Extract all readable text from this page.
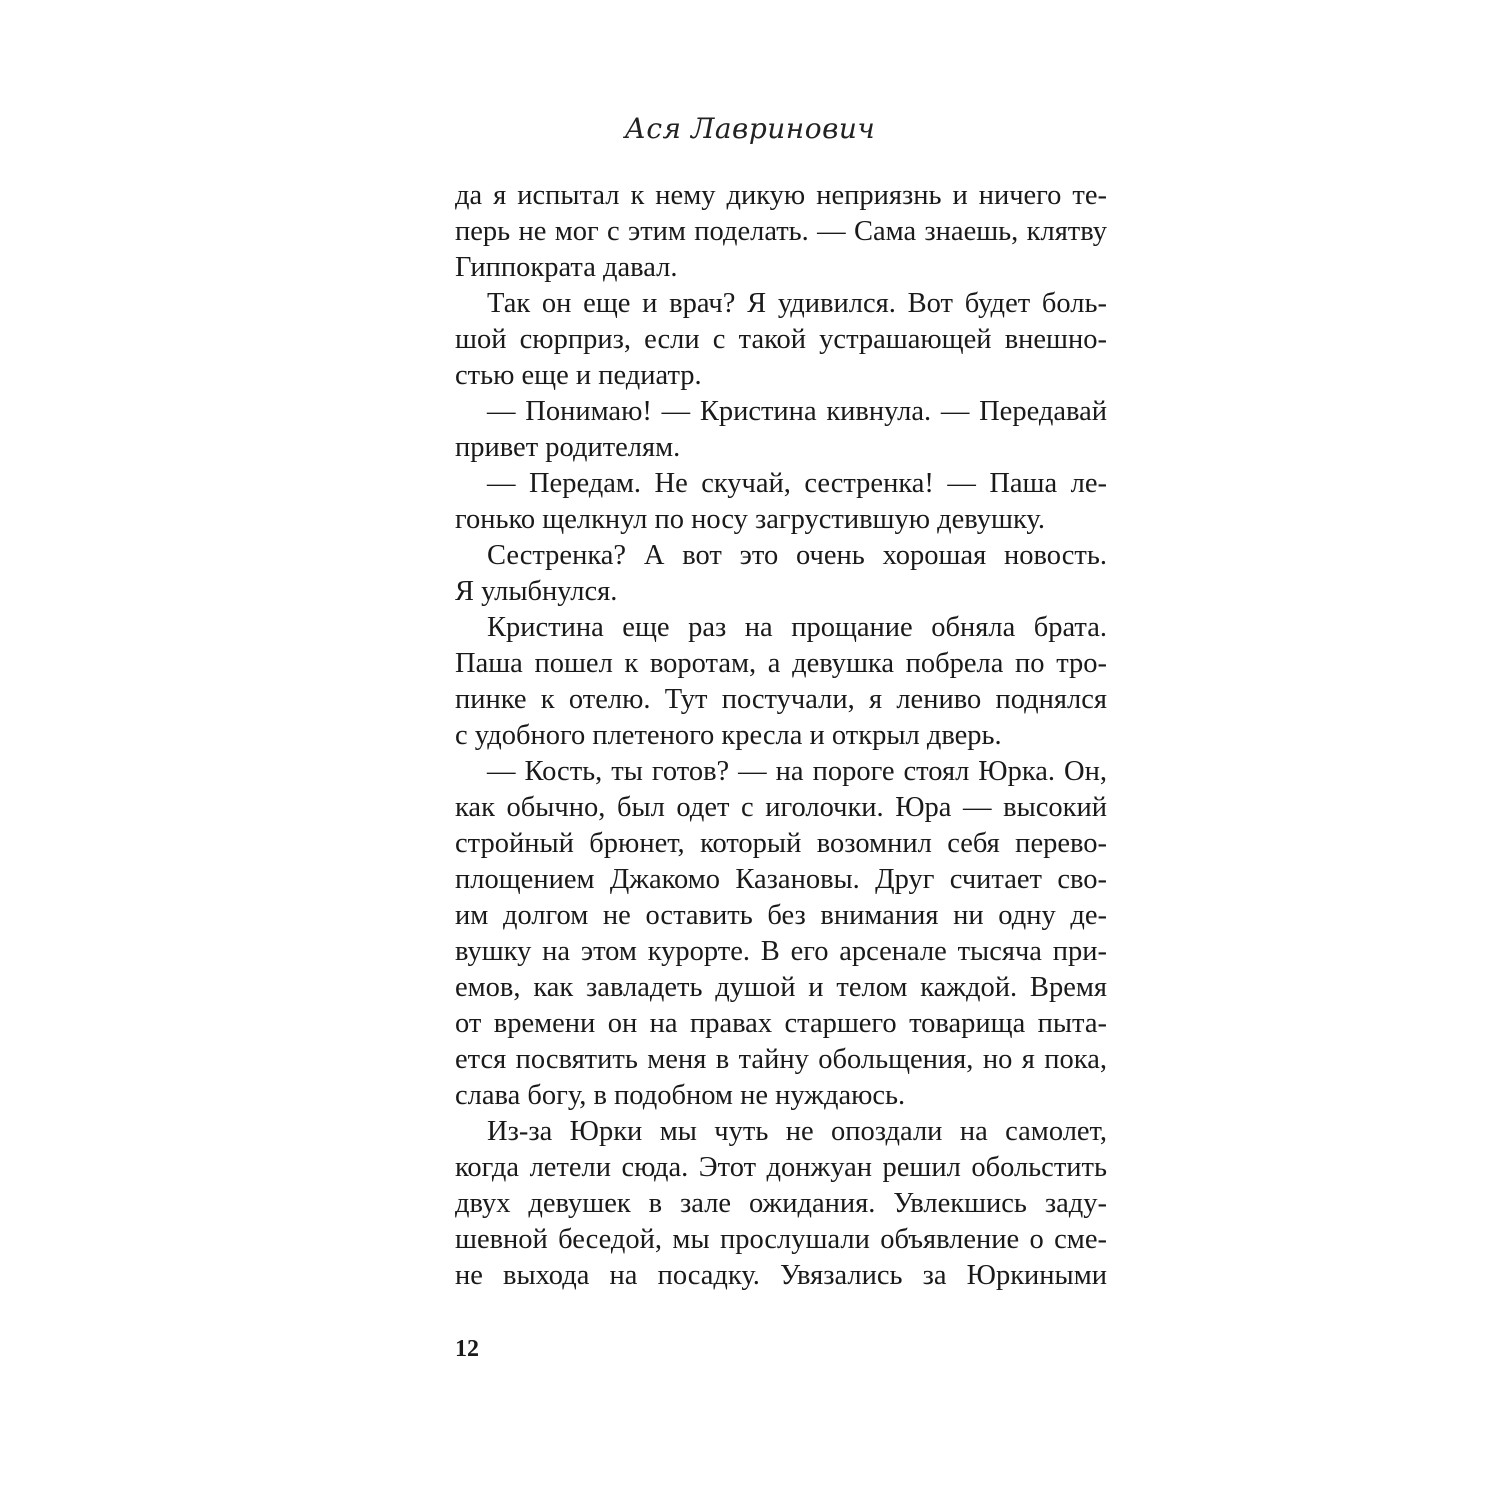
Ася Лавринович
да я испытал к нему дикую неприязнь и ничего те-
перь не мог с этим поделать. — Сама знаешь, клятву
Гиппократа давал.
Так он еще и врач? Я удивился. Вот будет боль-
шой сюрприз, если с такой устрашающей внешно-
стью еще и педиатр.
— Понимаю! — Кристина кивнула. — Передавай
привет родителям.
— Передам. Не скучай, сестренка! — Паша ле-
гонько щелкнул по носу загрустившую девушку.
Сестренка? А вот это очень хорошая новость.
Я улыбнулся.
Кристина еще раз на прощание обняла брата.
Паша пошел к воротам, а девушка побрела по тро-
пинке к отелю. Тут постучали, я лениво поднялся
с удобного плетеного кресла и открыл дверь.
— Кость, ты готов? — на пороге стоял Юрка. Он,
как обычно, был одет с иголочки. Юра — высокий
стройный брюнет, который возомнил себя перево-
площением Джакомо Казановы. Друг считает сво-
им долгом не оставить без внимания ни одну де-
вушку на этом курорте. В его арсенале тысяча при-
емов, как завладеть душой и телом каждой. Время
от времени он на правах старшего товарища пыта-
ется посвятить меня в тайну обольщения, но я пока,
слава богу, в подобном не нуждаюсь.
Из-за Юрки мы чуть не опоздали на самолет,
когда летели сюда. Этот донжуан решил обольстить
двух девушек в зале ожидания. Увлекшись заду-
шевной беседой, мы прослушали объявление о сме-
не выхода на посадку. Увязались за Юркиными
12
